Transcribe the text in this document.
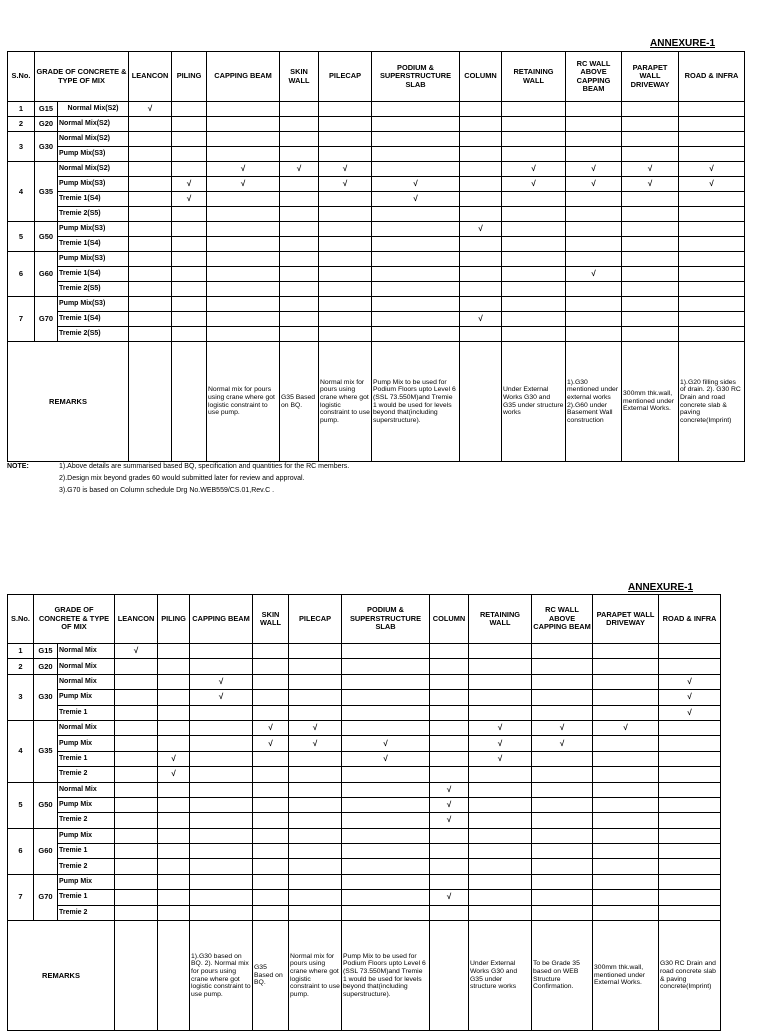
ANNEXURE-1
S.No.	GRADE OF CONCRETE & TYPE OF MIX		LEANCON	PILING	CAPPING BEAM	SKIN WALL	PILECAP	PODIUM & SUPERSTRUCTURE SLAB	COLUMN	RETAINING WALL	RC WALL ABOVE CAPPING BEAM	PARAPET WALL DRIVEWAY	ROAD & INFRA
1	G15	Normal Mix(S2)	√										
2	G20	Normal Mix(S2)											
3	G30	Normal Mix(S2)											
		Pump Mix(S3)											
4	G35	Normal Mix(S2)			√	√	√			√	√	√	√
		Pump Mix(S3)		√	√		√	√		√	√	√	√
		Tremie 1(S4)		√				√					
		Tremie 2(S5)											
5	G50	Pump Mix(S3)							√				
		Tremie 1(S4)											
6	G60	Pump Mix(S3)											
		Tremie 1(S4)									√		
		Tremie 2(S5)											
7	G70	Pump Mix(S3)											
		Tremie 1(S4)							√				
		Tremie 2(S5)											
REMARKS					Normal mix for pours using crane where got logistic constraint to use pump.	G35 Based on BQ.	Normal mix for pours using crane where got logistic constraint to use pump.	Pump Mix to be used for Podium Floors upto Level 6 (SSL 73.550M)and Tremie 1 would be used for levels beyond that(including superstructure).		Under External Works G30 and G35 under structure works	1).G30 mentioned under external works 2).G60 under Basement Wall construction	300mm thk.wall, mentioned under External Works.	1).G20 filling sides of drain. 2). G30 RC Drain and road concrete slab & paving concrete(Imprint)
NOTE:	1).Above details are summarised based BQ, specification and quantities for the RC members.
2).Design mix beyond grades 60 would submitted later for review and approval.
3).G70 is based on Column schedule Drg No.WEB559/CS.01,Rev.C .
ANNEXURE-1
S.No.	GRADE OF CONCRETE & TYPE OF MIX		LEANCON	PILING	CAPPING BEAM	SKIN WALL	PILECAP	PODIUM & SUPERSTRUCTURE SLAB	COLUMN	RETAINING WALL	RC WALL ABOVE CAPPING BEAM	PARAPET WALL DRIVEWAY	ROAD & INFRA
1	G15	Normal Mix	√										
2	G20	Normal Mix											
3	G30	Normal Mix			√								√
		Pump Mix			√								√
		Tremie 1											√
4	G35	Normal Mix				√	√			√	√	√	
		Pump Mix				√	√	√		√	√		
		Tremie 1		√				√		√			
		Tremie 2		√									
5	G50	Normal Mix							√				
		Pump Mix							√				
		Tremie 2							√				
6	G60	Pump Mix											
		Tremie 1											
		Tremie 2											
7	G70	Pump Mix											
		Tremie 1							√				
		Tremie 2											
REMARKS					1).G30 based on BQ. 2). Normal mix for pours using crane where got logistic constraint to use pump.	G35 Based on BQ.	Normal mix for pours using crane where got logistic constraint to use pump.	Pump Mix to be used for Podium Floors upto Level 6 (SSL 73.550M)and Tremie 1 would be used for levels beyond that(including superstructure).		Under External Works G30 and G35 under structure works	To be Grade 35 based on WEB Structure Confirmation.	300mm thk.wall, mentioned under External Works.	G30 RC Drain and road concrete slab & paving concrete(Imprint)
